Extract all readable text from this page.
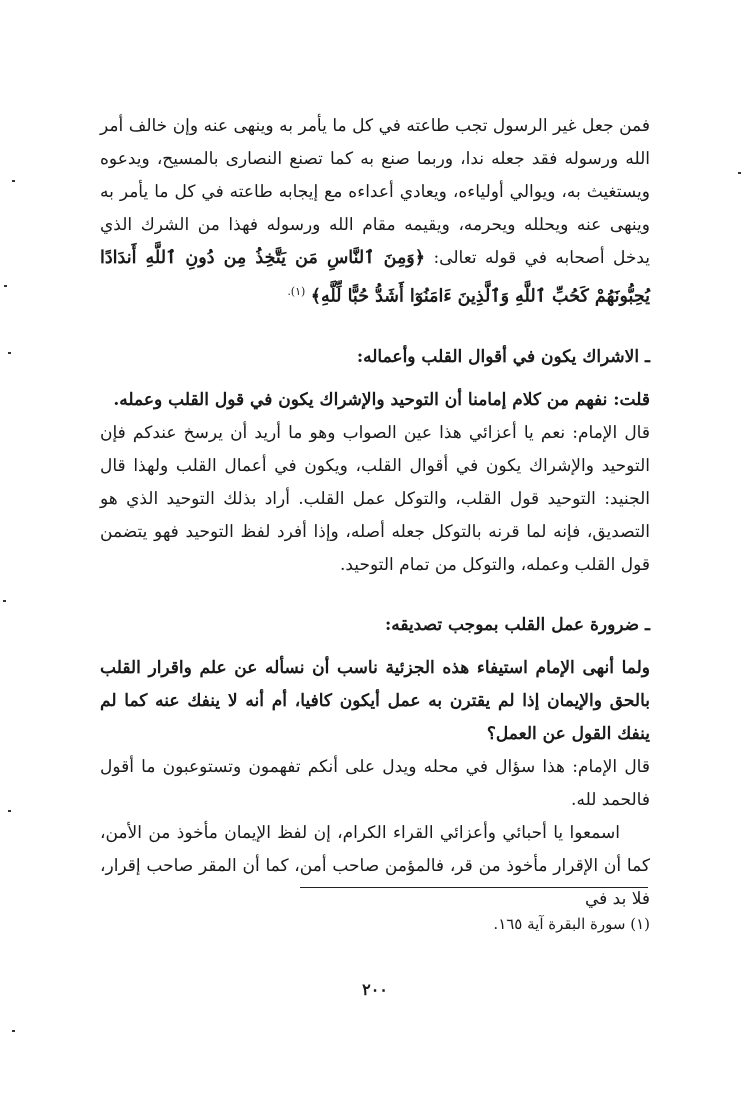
فمن جعل غير الرسول تجب طاعته في كل ما يأمر به وينهى عنه وإن خالف أمر الله ورسوله فقد جعله ندا، وربما صنع به كما تصنع النصارى بالمسيح، ويدعوه ويستغيث به، ويوالي أولياءه، ويعادي أعداءه مع إيجابه طاعته في كل ما يأمر به وينهى عنه ويحلله ويحرمه، ويقيمه مقام الله ورسوله فهذا من الشرك الذي يدخل أصحابه في قوله تعالى: ﴿وَمِنَ ٱلنَّاسِ مَن يَتَّخِذُ مِن دُونِ ٱللَّهِ أَندَادًا يُحِبُّونَهُمْ كَحُبِّ ٱللَّهِ وَٱلَّذِينَ ءَامَنُوٓا أَشَدُّ حُبًّا لِّلَّهِ﴾ $^{(١).}$

ـ الاشراك يكون في أقوال القلب وأعماله:

قلت: نفهم من كلام إمامنا أن التوحيد والإشراك يكون في قول القلب وعمله.

قال الإمام: نعم يا أعزائي هذا عين الصواب وهو ما أريد أن يرسخ عندكم فإن التوحيد والإشراك يكون في أقوال القلب، ويكون في أعمال القلب ولهذا قال الجنيد: التوحيد قول القلب، والتوكل عمل القلب. أراد بذلك التوحيد الذي هو التصديق، فإنه لما قرنه بالتوكل جعله أصله، وإذا أفرد لفظ التوحيد فهو يتضمن قول القلب وعمله، والتوكل من تمام التوحيد.

ـ ضرورة عمل القلب بموجب تصديقه:

ولما أنهى الإمام استيفاء هذه الجزئية ناسب أن نسأله عن علم واقرار القلب بالحق والإيمان إذا لم يقترن به عمل أيكون كافيا، أم أنه لا ينفك عنه كما لم ينفك القول عن العمل؟

قال الإمام: هذا سؤال في محله ويدل على أنكم تفهمون وتستوعبون ما أقول فالحمد لله.

اسمعوا يا أحبائي وأعزائي القراء الكرام، إن لفظ الإيمان مأخوذ من الأمن، كما أن الإقرار مأخوذ من قر، فالمؤمن صاحب أمن، كما أن المقر صاحب إقرار، فلا بد في

(١) سورة البقرة آية ١٦٥.
٢٠٠
